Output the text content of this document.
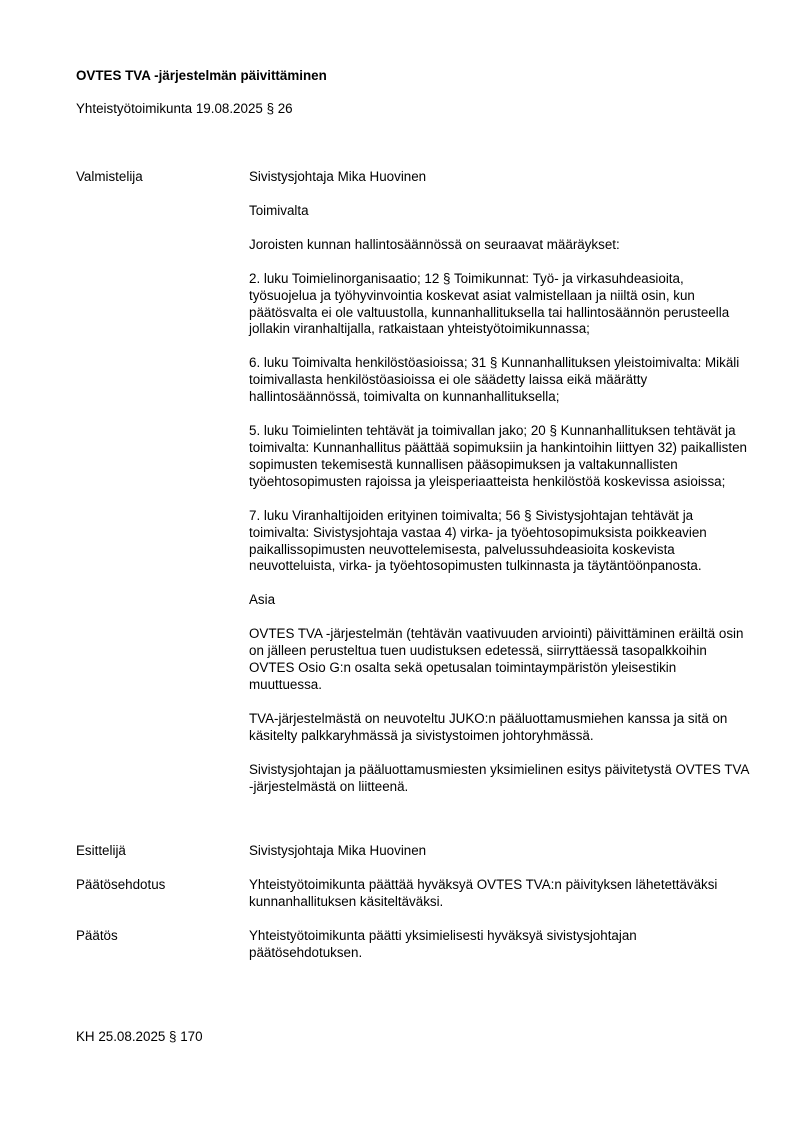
OVTES TVA -järjestelmän päivittäminen
Yhteistyötoimikunta 19.08.2025 § 26
Valmistelija	Sivistysjohtaja Mika Huovinen

Toimivalta

Joroisten kunnan hallintosäännössä on seuraavat määräykset:

2. luku Toimielinorganisaatio; 12 § Toimikunnat: Työ- ja virkasuhdeasioita, työsuojelua ja työhyvinvointia koskevat asiat valmistellaan ja niiltä osin, kun päätösvalta ei ole valtuustolla, kunnanhallituksella tai hallintosäännön perusteella jollakin viranhaltijalla, ratkaistaan yhteistyötoimikunnassa;

6. luku Toimivalta henkilöstöasioissa; 31 § Kunnanhallituksen yleistoimivalta: Mikäli toimivallasta henkilöstöasioissa ei ole säädetty laissa eikä määrätty hallintosäännössä, toimivalta on kunnanhallituksella;

5. luku Toimielinten tehtävät ja toimivallan jako; 20 § Kunnanhallituksen tehtävät ja toimivalta: Kunnanhallitus päättää sopimuksiin ja hankintoihin liittyen 32) paikallisten sopimusten tekemisestä kunnallisen pääsopimuksen ja valtakunnallisten työehtosopimusten rajoissa ja yleisperiaatteista henkilöstöä koskevissa asioissa;

7. luku Viranhaltijoiden erityinen toimivalta; 56 § Sivistysjohtajan tehtävät ja toimivalta: Sivistysjohtaja vastaa 4) virka- ja työehtosopimuksista poikkeavien paikallissopimusten neuvottelemisesta, palvelussuhdeasioita koskevista neuvotteluista, virka- ja työehtosopimusten tulkinnasta ja täytäntöönpanosta.

Asia

OVTES TVA -järjestelmän (tehtävän vaativuuden arviointi) päivittäminen eräiltä osin on jälleen perusteltua tuen uudistuksen edetessä, siirryttäessä tasopalkkoihin OVTES Osio G:n osalta sekä opetusalan toimintaympäristön yleisestikin muuttuessa.

TVA-järjestelmästä on neuvoteltu JUKO:n pääluottamusmiehen kanssa ja sitä on käsitelty palkkaryhmässä ja sivistystoimen johtoryhmässä.

Sivistysjohtajan ja pääluottamusmiesten yksimielinen esitys päivitetystä OVTES TVA -järjestelmästä on liitteenä.

Esittelijä	Sivistysjohtaja Mika Huovinen
Päätösehdotus	Yhteistyötoimikunta päättää hyväksyä OVTES TVA:n päivityksen lähetettäväksi kunnanhallituksen käsiteltäväksi.
Päätös	Yhteistyötoimikunta päätti yksimielisesti hyväksyä sivistysjohtajan päätösehdotuksen.
KH 25.08.2025 § 170
